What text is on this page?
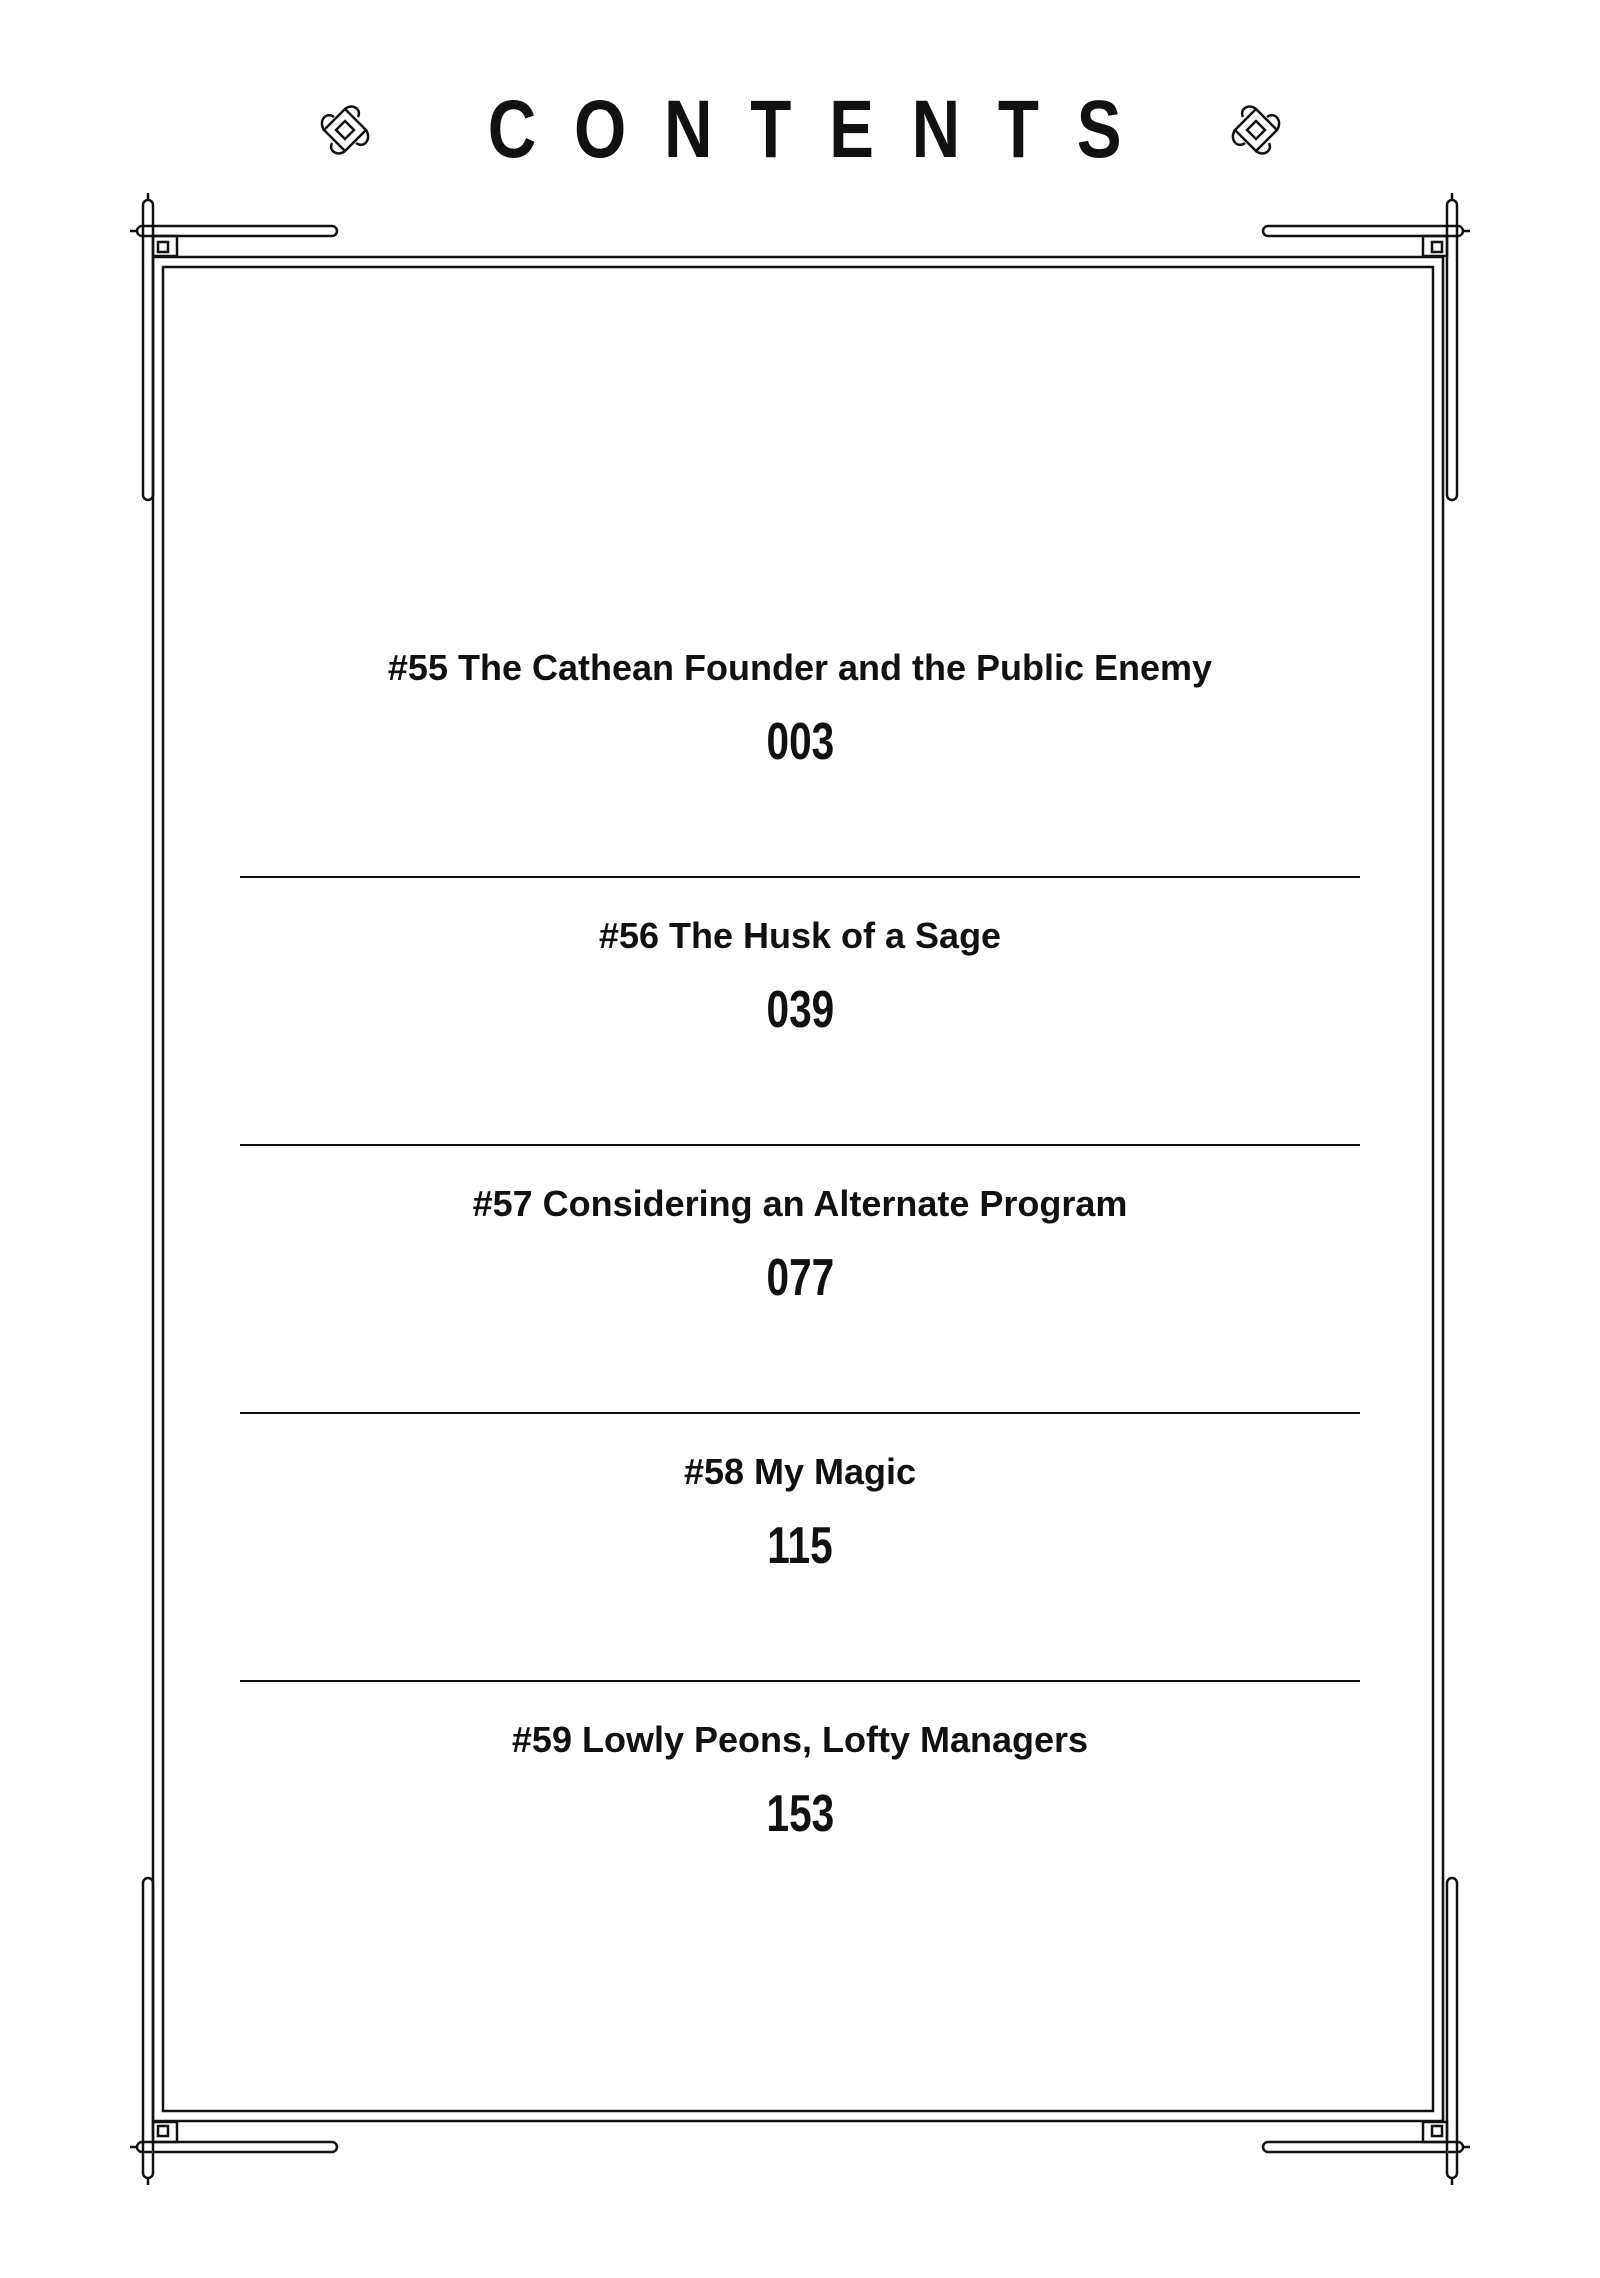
CONTENTS
#55 The Cathean Founder and the Public Enemy
003
#56 The Husk of a Sage
039
#57 Considering an Alternate Program
077
#58 My Magic
115
#59 Lowly Peons, Lofty Managers
153
